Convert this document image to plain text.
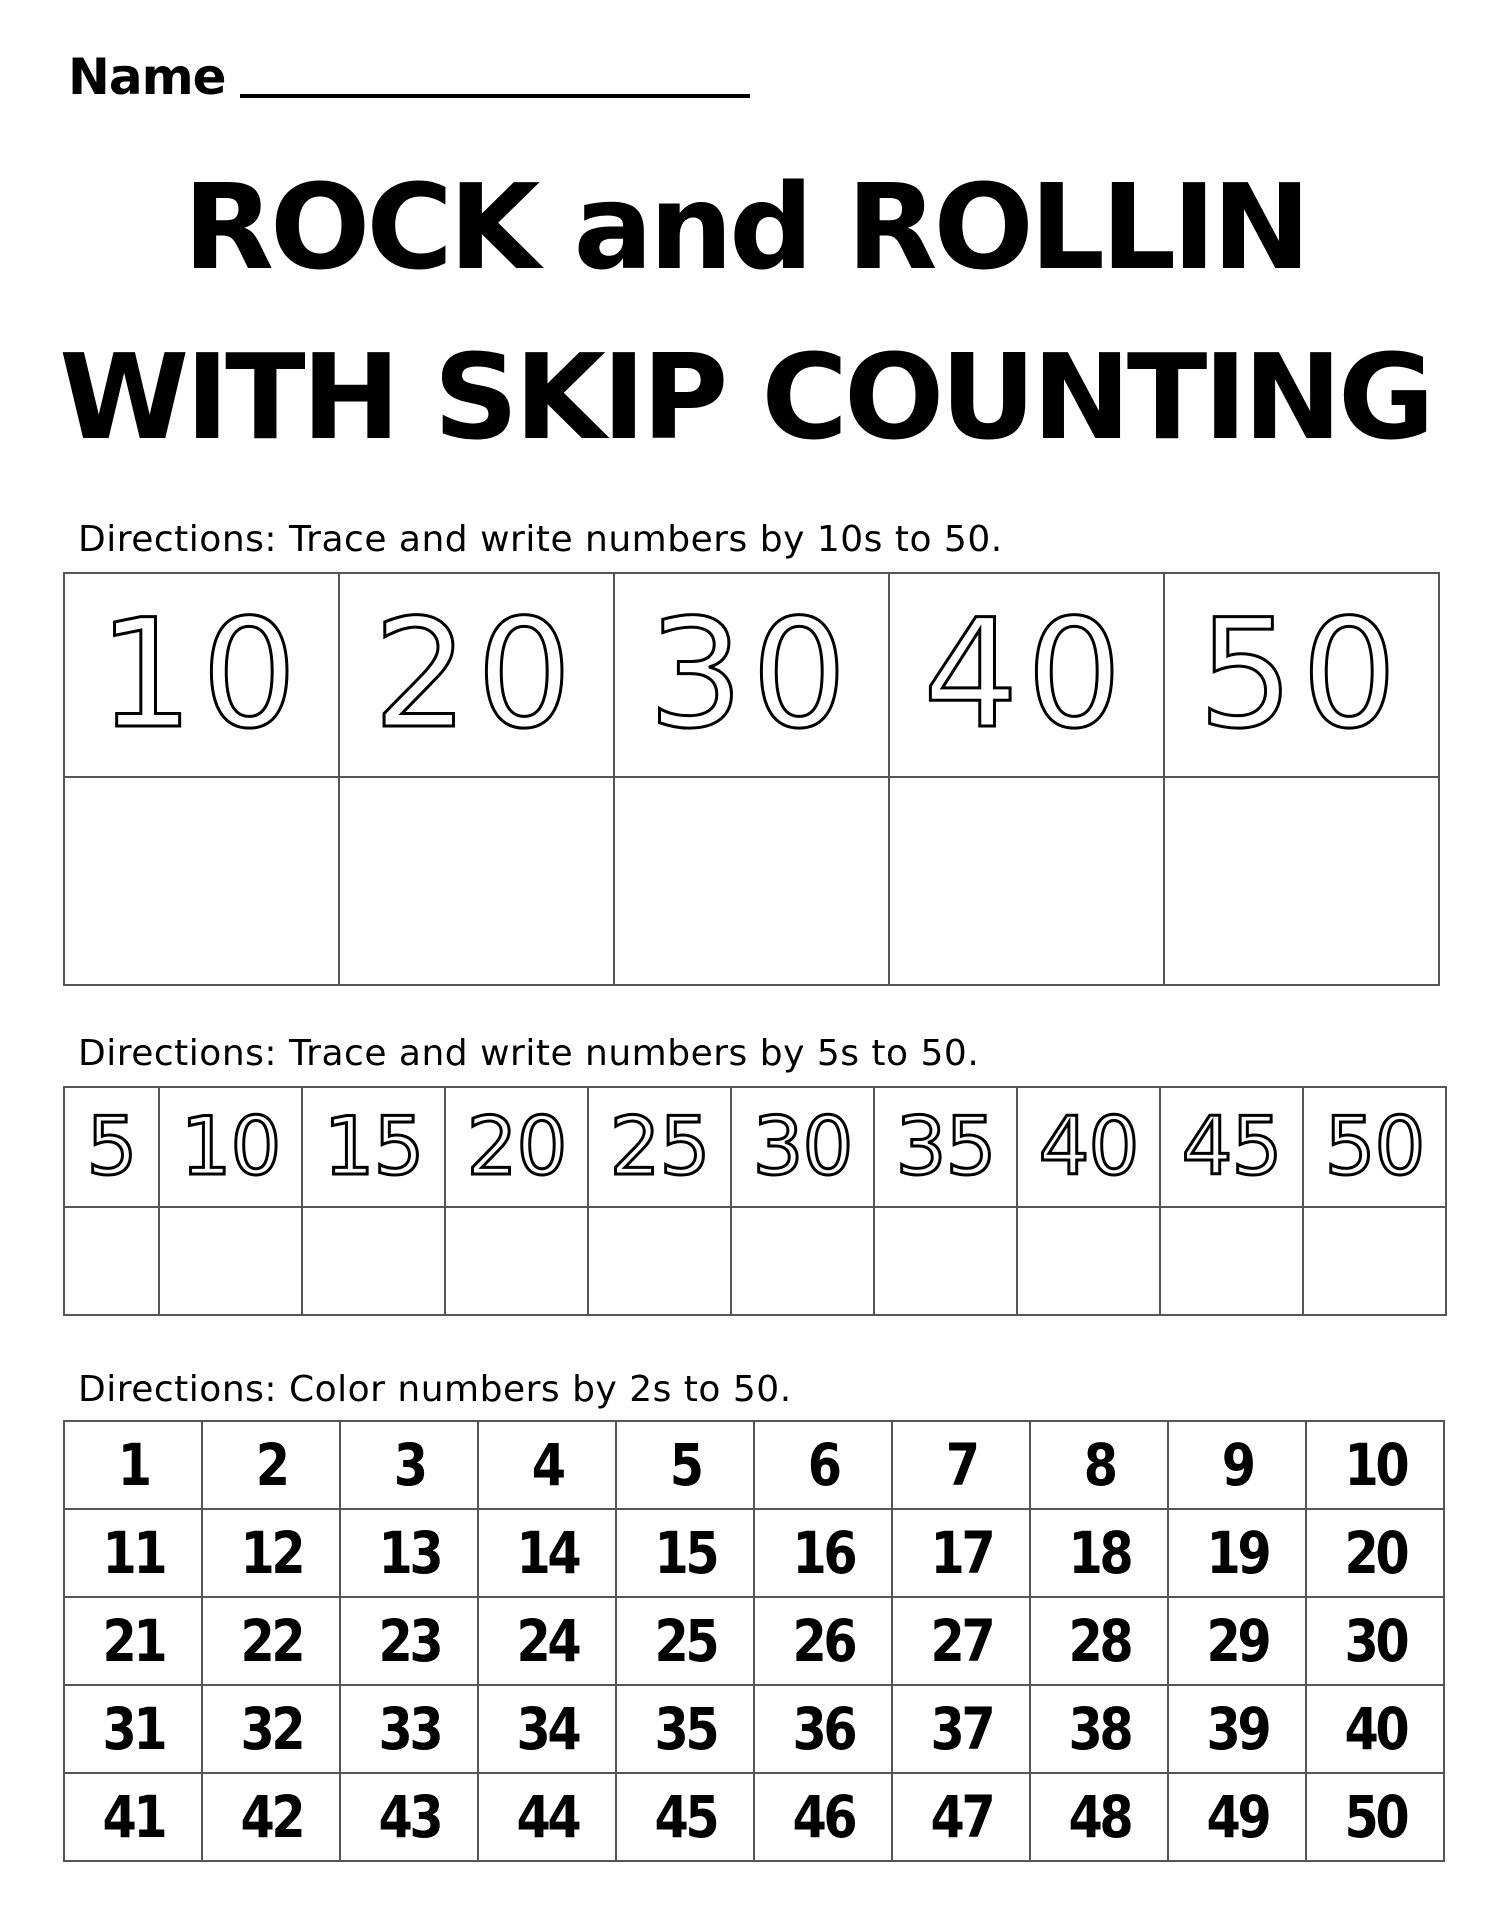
Name
ROCK and ROLLIN
WITH SKIP COUNTING
Directions: Trace and write numbers by 10s to 50.
10	20	30	40	50

Directions: Trace and write numbers by 5s to 50.
5	10	15	20	25	30	35	40	45	50

Directions: Color numbers by 2s to 50.
1	2	3	4	5	6	7	8	9	10
11	12	13	14	15	16	17	18	19	20
21	22	23	24	25	26	27	28	29	30
31	32	33	34	35	36	37	38	39	40
41	42	43	44	45	46	47	48	49	50
